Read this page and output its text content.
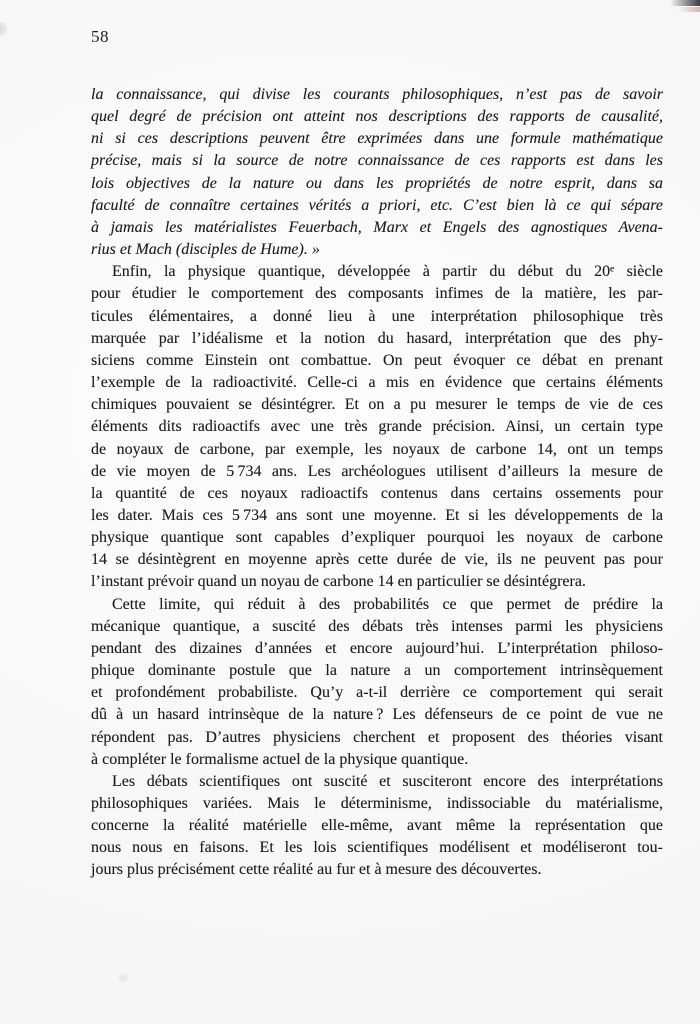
58
la connaissance, qui divise les courants philosophiques, n’est pas de savoir
quel degré de précision ont atteint nos descriptions des rapports de causalité,
ni si ces descriptions peuvent être exprimées dans une formule mathématique
précise, mais si la source de notre connaissance de ces rapports est dans les
lois objectives de la nature ou dans les propriétés de notre esprit, dans sa
faculté de connaître certaines vérités a priori, etc. C’est bien là ce qui sépare
à jamais les matérialistes Feuerbach, Marx et Engels des agnostiques Avena-
rius et Mach (disciples de Hume). »
Enfin, la physique quantique, développée à partir du début du 20ᵉ siècle
pour étudier le comportement des composants infimes de la matière, les par-
ticules élémentaires, a donné lieu à une interprétation philosophique très
marquée par l’idéalisme et la notion du hasard, interprétation que des phy-
siciens comme Einstein ont combattue. On peut évoquer ce débat en prenant
l’exemple de la radioactivité. Celle-ci a mis en évidence que certains éléments
chimiques pouvaient se désintégrer. Et on a pu mesurer le temps de vie de ces
éléments dits radioactifs avec une très grande précision. Ainsi, un certain type
de noyaux de carbone, par exemple, les noyaux de carbone 14, ont un temps
de vie moyen de 5 734 ans. Les archéologues utilisent d’ailleurs la mesure de
la quantité de ces noyaux radioactifs contenus dans certains ossements pour
les dater. Mais ces 5 734 ans sont une moyenne. Et si les développements de la
physique quantique sont capables d’expliquer pourquoi les noyaux de carbone
14 se désintègrent en moyenne après cette durée de vie, ils ne peuvent pas pour
l’instant prévoir quand un noyau de carbone 14 en particulier se désintégrera.
Cette limite, qui réduit à des probabilités ce que permet de prédire la
mécanique quantique, a suscité des débats très intenses parmi les physiciens
pendant des dizaines d’années et encore aujourd’hui. L’interprétation philoso-
phique dominante postule que la nature a un comportement intrinsèquement
et profondément probabiliste. Qu’y a-t-il derrière ce comportement qui serait
dû à un hasard intrinsèque de la nature ? Les défenseurs de ce point de vue ne
répondent pas. D’autres physiciens cherchent et proposent des théories visant
à compléter le formalisme actuel de la physique quantique.
Les débats scientifiques ont suscité et susciteront encore des interprétations
philosophiques variées. Mais le déterminisme, indissociable du matérialisme,
concerne la réalité matérielle elle-même, avant même la représentation que
nous nous en faisons. Et les lois scientifiques modélisent et modéliseront tou-
jours plus précisément cette réalité au fur et à mesure des découvertes.
